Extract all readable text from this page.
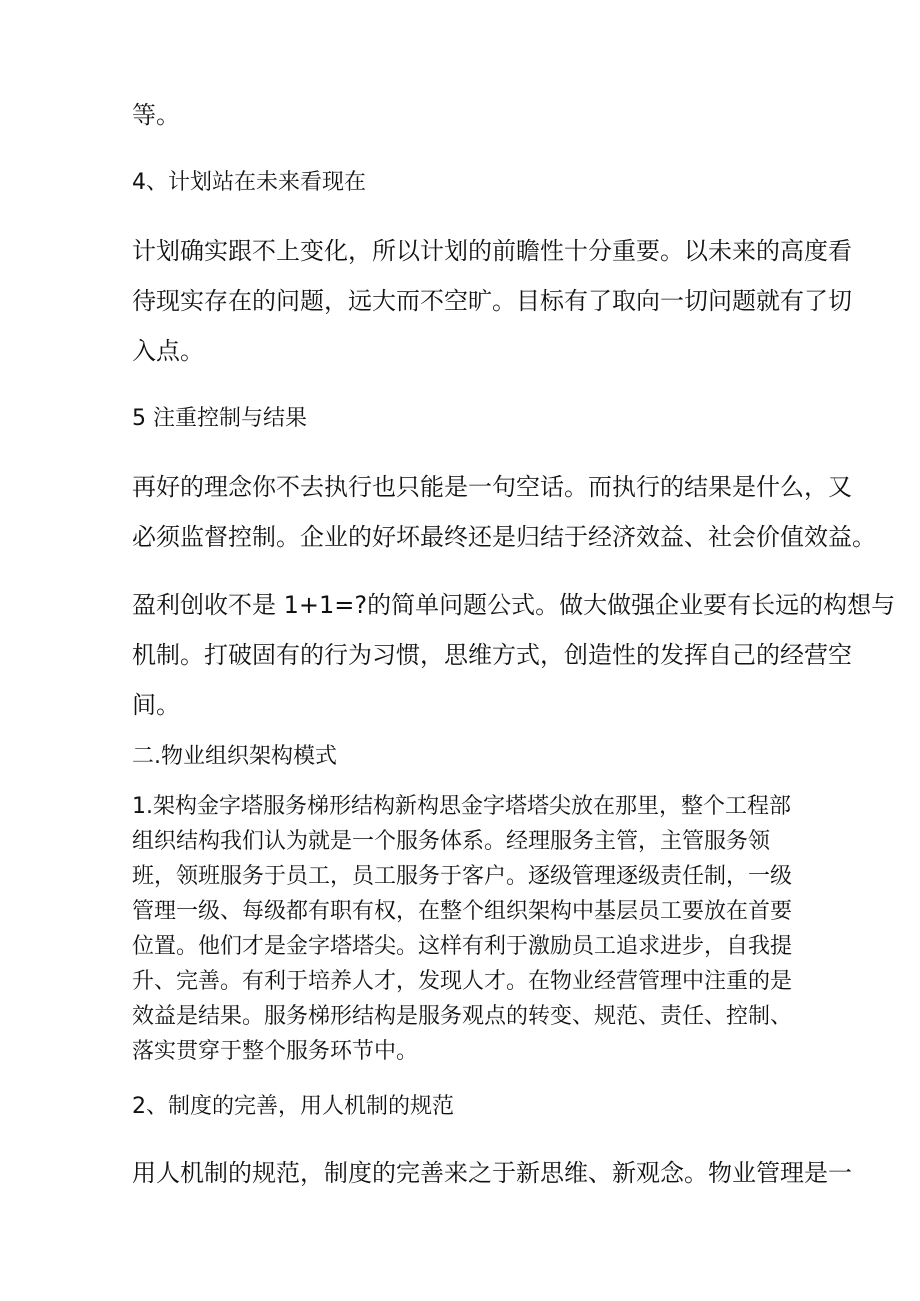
等。

4、计划站在未来看现在

计划确实跟不上变化，所以计划的前瞻性十分重要。以未来的高度看

待现实存在的问题，远大而不空旷。目标有了取向一切问题就有了切

入点。

5 注重控制与结果

再好的理念你不去执行也只能是一句空话。而执行的结果是什么，又

必须监督控制。企业的好坏最终还是归结于经济效益、社会价值效益。

盈利创收不是 1+1=?的简单问题公式。做大做强企业要有长远的构想与

机制。打破固有的行为习惯，思维方式，创造性的发挥自己的经营空

间。

二.物业组织架构模式

1.架构金字塔服务梯形结构新构思金字塔塔尖放在那里，整个工程部

组织结构我们认为就是一个服务体系。经理服务主管，主管服务领

班，领班服务于员工，员工服务于客户。逐级管理逐级责任制，一级

管理一级、每级都有职有权，在整个组织架构中基层员工要放在首要

位置。他们才是金字塔塔尖。这样有利于激励员工追求进步，自我提

升、完善。有利于培养人才，发现人才。在物业经营管理中注重的是

效益是结果。服务梯形结构是服务观点的转变、规范、责任、控制、

落实贯穿于整个服务环节中。

2、制度的完善，用人机制的规范

用人机制的规范，制度的完善来之于新思维、新观念。物业管理是一
